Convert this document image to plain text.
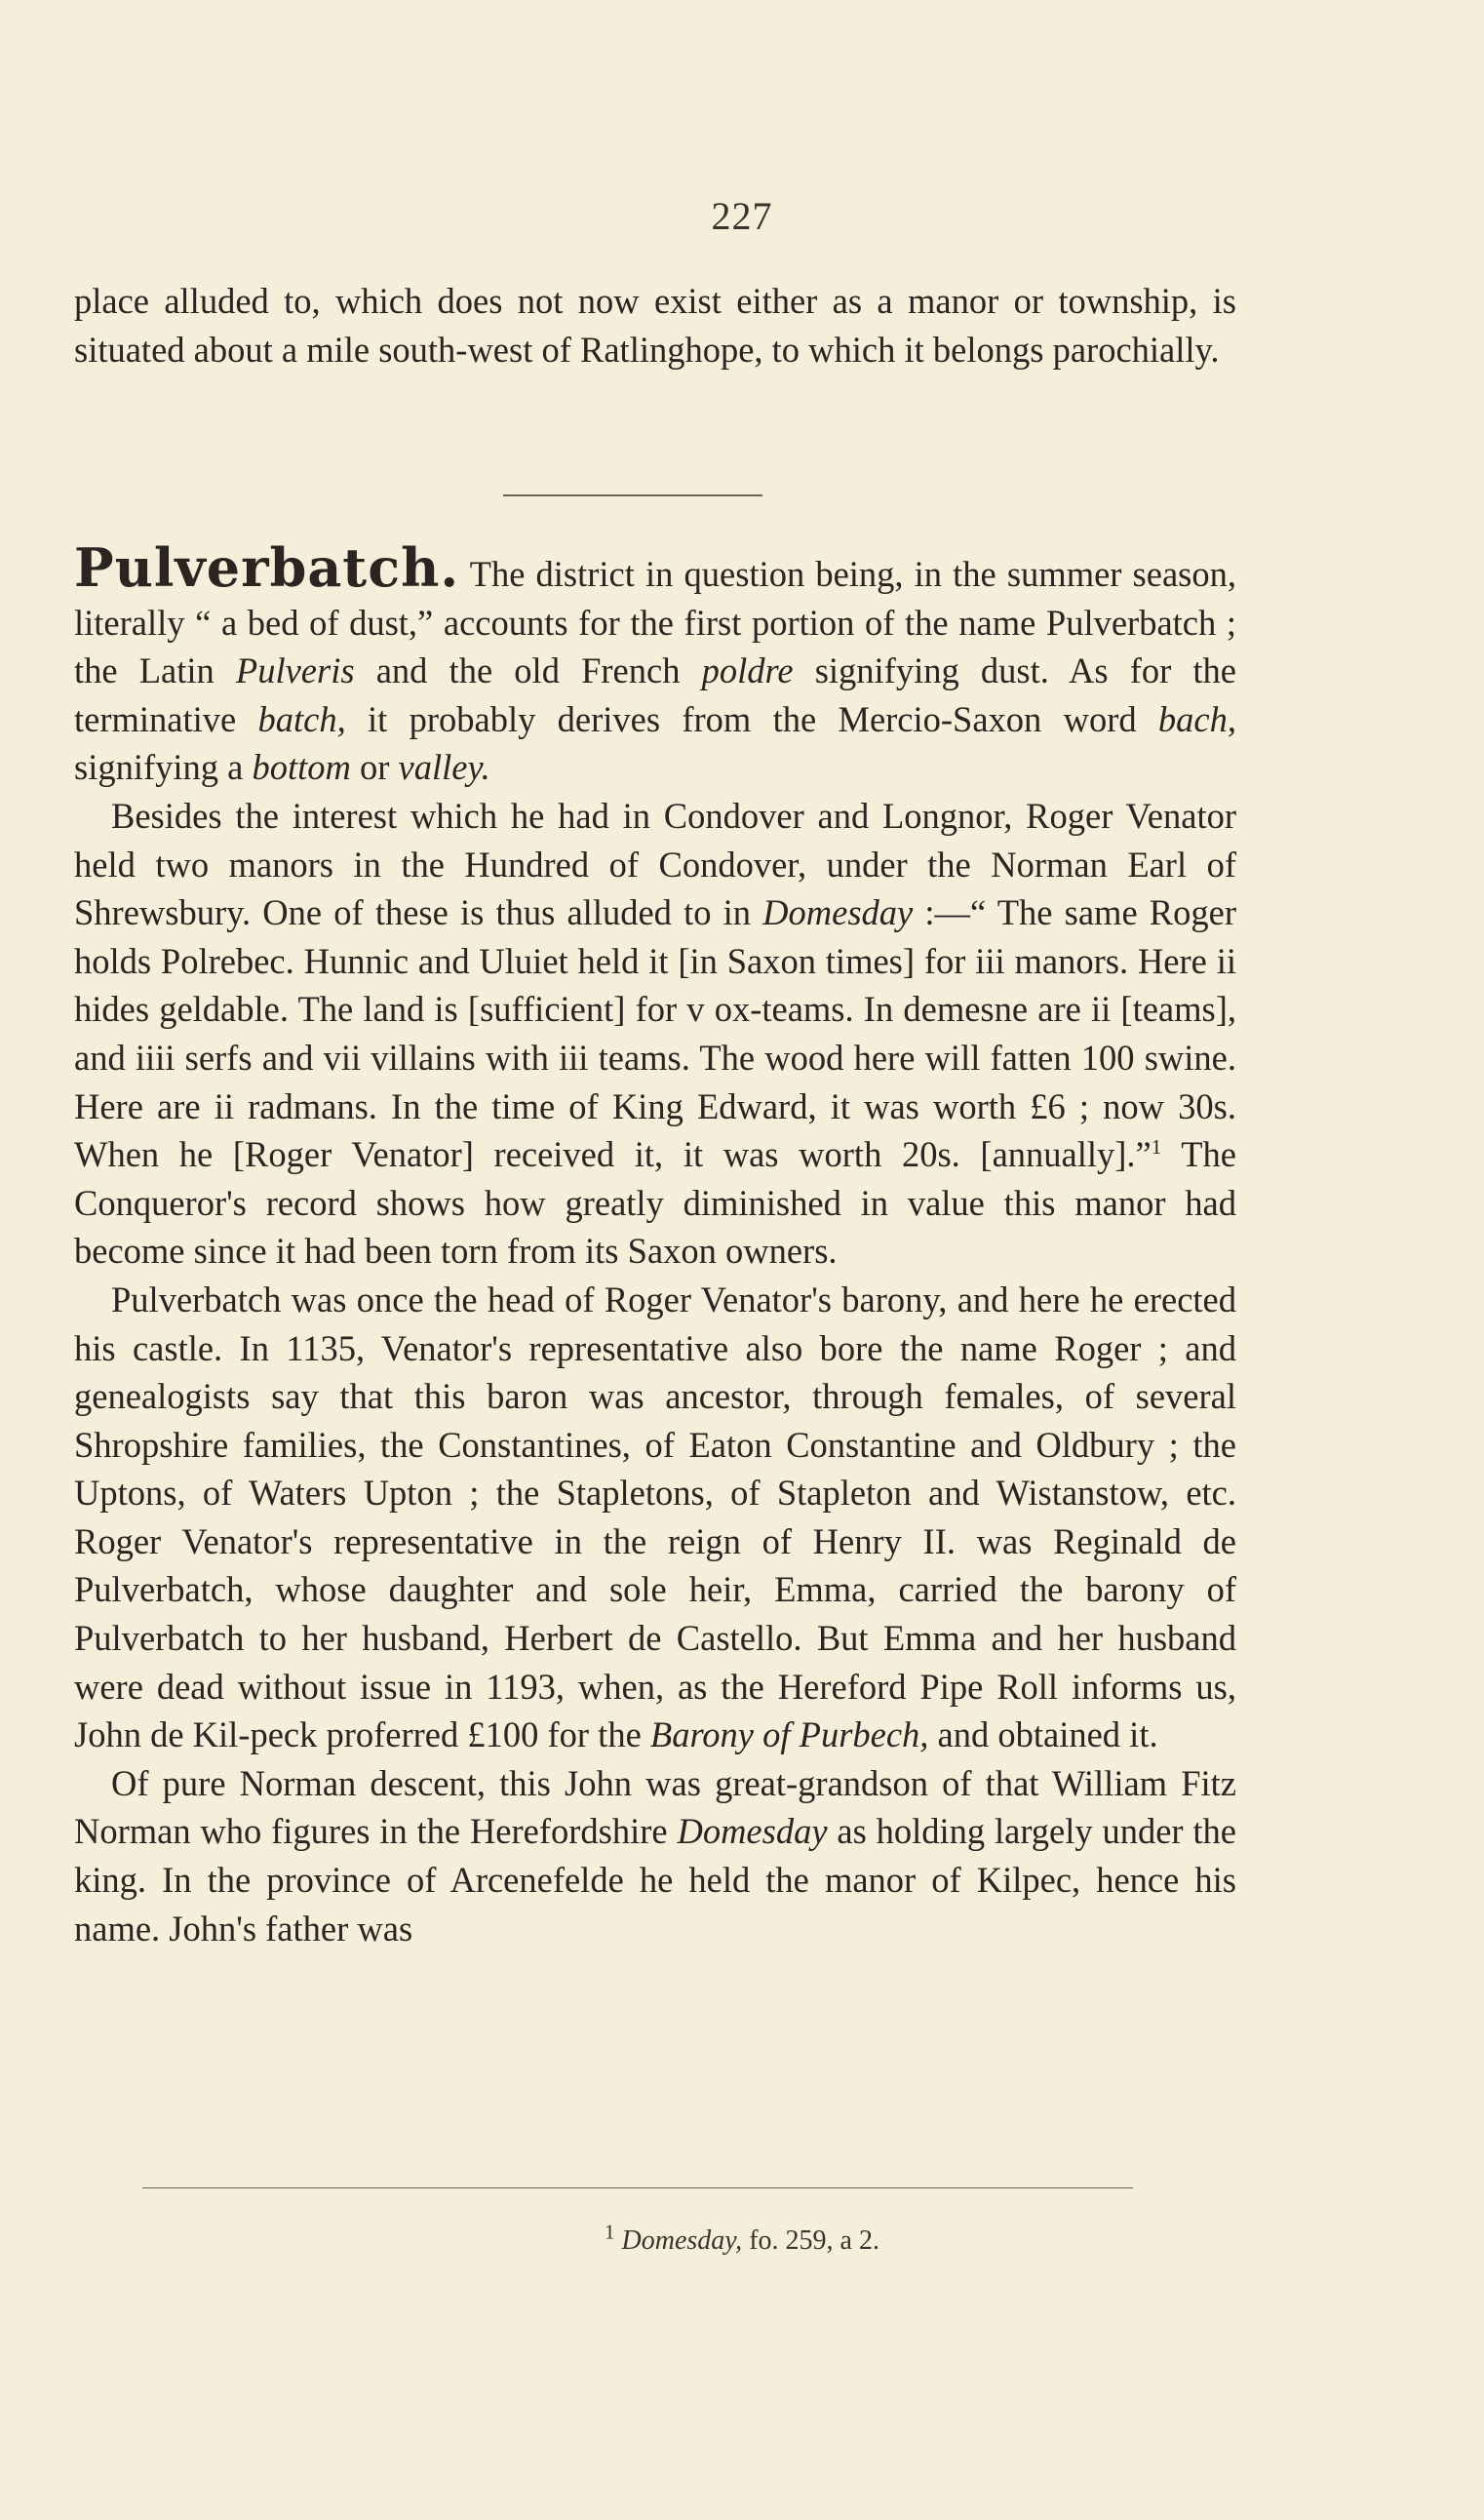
227

place alluded to, which does not now exist either as a manor or township, is situated about a mile south-west of Ratlinghope, to which it belongs parochially.

Pulverbatch. The district in question being, in the summer season, literally “ a bed of dust,” accounts for the first portion of the name Pulverbatch ; the Latin Pulveris and the old French poldre signifying dust. As for the terminative batch, it probably derives from the Mercio-Saxon word bach, signifying a bottom or valley.

Besides the interest which he had in Condover and Longnor, Roger Venator held two manors in the Hundred of Condover, under the Norman Earl of Shrewsbury. One of these is thus alluded to in Domesday :—“ The same Roger holds Polrebec. Hunnic and Uluiet held it [in Saxon times] for iii manors. Here ii hides geldable. The land is [sufficient] for v ox-teams. In demesne are ii [teams], and iiii serfs and vii villains with iii teams. The wood here will fatten 100 swine. Here are ii radmans. In the time of King Edward, it was worth £6 ; now 30s. When he [Roger Venator] received it, it was worth 20s. [annually].”$^1$ The Conqueror's record shows how greatly diminished in value this manor had become since it had been torn from its Saxon owners.

Pulverbatch was once the head of Roger Venator's barony, and here he erected his castle. In 1135, Venator's representative also bore the name Roger ; and genealogists say that this baron was ancestor, through females, of several Shropshire families, the Constantines, of Eaton Constantine and Oldbury ; the Uptons, of Waters Upton ; the Stapletons, of Stapleton and Wistanstow, etc. Roger Venator's representative in the reign of Henry II. was Reginald de Pulverbatch, whose daughter and sole heir, Emma, carried the barony of Pulverbatch to her husband, Herbert de Castello. But Emma and her husband were dead without issue in 1193, when, as the Hereford Pipe Roll informs us, John de Kil-peck proferred £100 for the Barony of Purbech, and obtained it.

Of pure Norman descent, this John was great-grandson of that William Fitz Norman who figures in the Herefordshire Domesday as holding largely under the king. In the province of Arcenefelde he held the manor of Kilpec, hence his name. John's father was

$^1$ Domesday, fo. 259, a 2.
